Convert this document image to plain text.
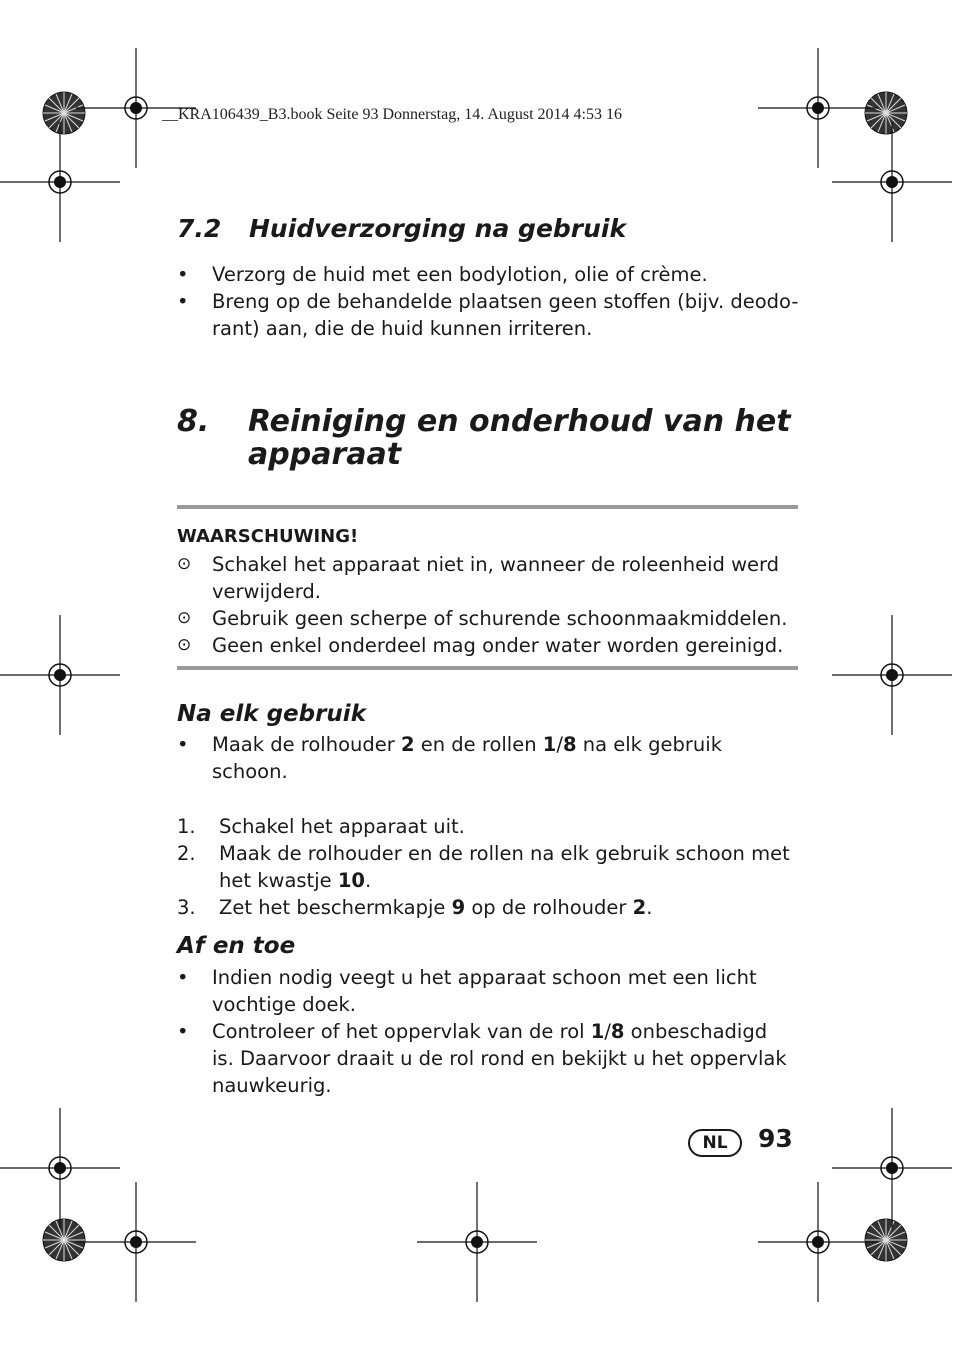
__KRA106439_B3.book Seite 93 Donnerstag, 14. August 2014 4:53 16
7.2 Huidverzorging na gebruik
•	Verzorg de huid met een bodylotion, olie of crème.
•	Breng op de behandelde plaatsen geen stoffen (bijv. deodo-
rant) aan, die de huid kunnen irriteren.
8. Reiniging en onderhoud van het
apparaat
WAARSCHUWING!
⊙ Schakel het apparaat niet in, wanneer de roleenheid werd
verwijderd.
⊙ Gebruik geen scherpe of schurende schoonmaakmiddelen.
⊙ Geen enkel onderdeel mag onder water worden gereinigd.
Na elk gebruik
•	Maak de rolhouder 2 en de rollen 1/8 na elk gebruik
schoon.
1. Schakel het apparaat uit.
2. Maak de rolhouder en de rollen na elk gebruik schoon met
het kwastje 10.
3. Zet het beschermkapje 9 op de rolhouder 2.
Af en toe
•	Indien nodig veegt u het apparaat schoon met een licht
vochtige doek.
•	Controleer of het oppervlak van de rol 1/8 onbeschadigd
is. Daarvoor draait u de rol rond en bekijkt u het oppervlak
nauwkeurig.
NL	93
